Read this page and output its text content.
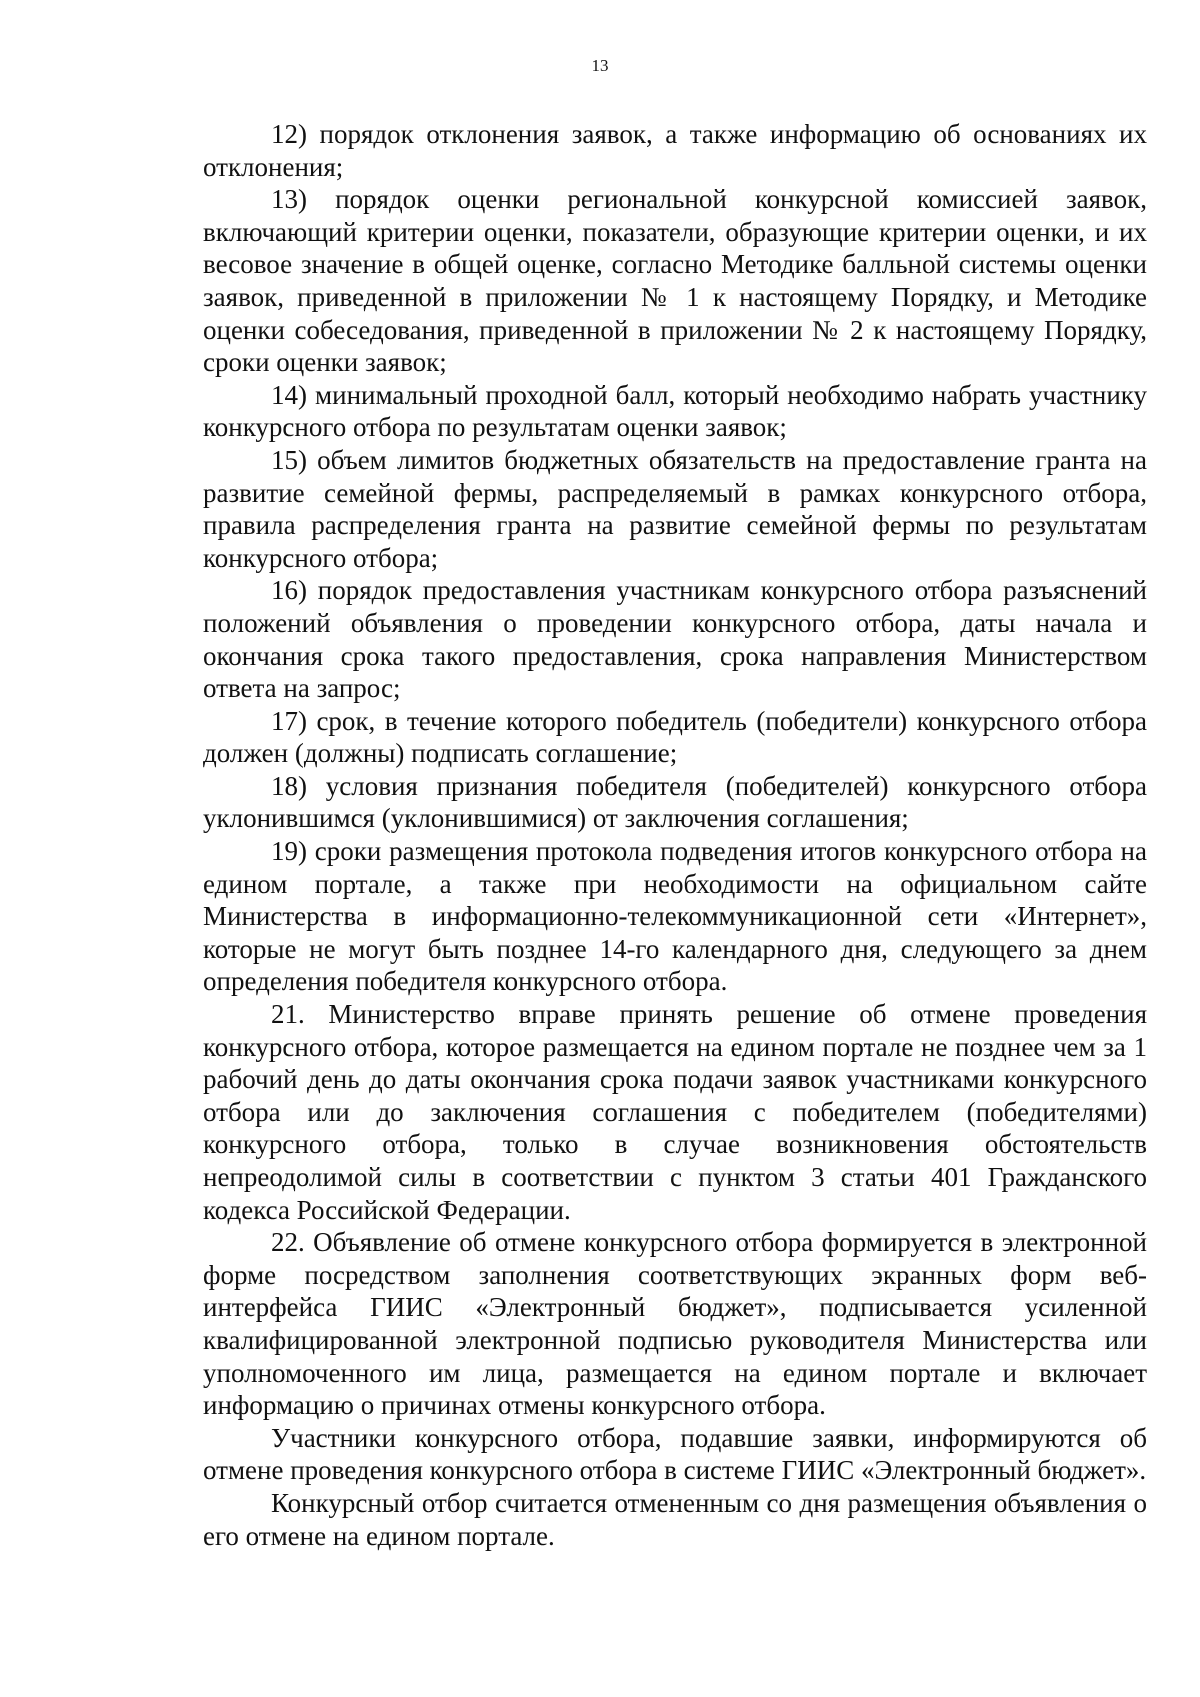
13

12) порядок отклонения заявок, а также информацию об основаниях их отклонения;

13) порядок оценки региональной конкурсной комиссией заявок, включающий критерии оценки, показатели, образующие критерии оценки, и их весовое значение в общей оценке, согласно Методике балльной системы оценки заявок, приведенной в приложении № 1 к настоящему Порядку, и Методике оценки собеседования, приведенной в приложении № 2 к настоящему Порядку, сроки оценки заявок;

14) минимальный проходной балл, который необходимо набрать участнику конкурсного отбора по результатам оценки заявок;

15) объем лимитов бюджетных обязательств на предоставление гранта на развитие семейной фермы, распределяемый в рамках конкурсного отбора, правила распределения гранта на развитие семейной фермы по результатам конкурсного отбора;

16) порядок предоставления участникам конкурсного отбора разъяснений положений объявления о проведении конкурсного отбора, даты начала и окончания срока такого предоставления, срока направления Министерством ответа на запрос;

17) срок, в течение которого победитель (победители) конкурсного отбора должен (должны) подписать соглашение;

18) условия признания победителя (победителей) конкурсного отбора уклонившимся (уклонившимися) от заключения соглашения;

19) сроки размещения протокола подведения итогов конкурсного отбора на едином портале, а также при необходимости на официальном сайте Министерства в информационно-телекоммуникационной сети «Интернет», которые не могут быть позднее 14-го календарного дня, следующего за днем определения победителя конкурсного отбора.

21. Министерство вправе принять решение об отмене проведения конкурсного отбора, которое размещается на едином портале не позднее чем за 1 рабочий день до даты окончания срока подачи заявок участниками конкурсного отбора или до заключения соглашения с победителем (победителями) конкурсного отбора, только в случае возникновения обстоятельств непреодолимой силы в соответствии с пунктом 3 статьи 401 Гражданского кодекса Российской Федерации.

22. Объявление об отмене конкурсного отбора формируется в электронной форме посредством заполнения соответствующих экранных форм веб-интерфейса ГИИС «Электронный бюджет», подписывается усиленной квалифицированной электронной подписью руководителя Министерства или уполномоченного им лица, размещается на едином портале и включает информацию о причинах отмены конкурсного отбора.

Участники конкурсного отбора, подавшие заявки, информируются об отмене проведения конкурсного отбора в системе ГИИС «Электронный бюджет».

Конкурсный отбор считается отмененным со дня размещения объявления о его отмене на едином портале.
